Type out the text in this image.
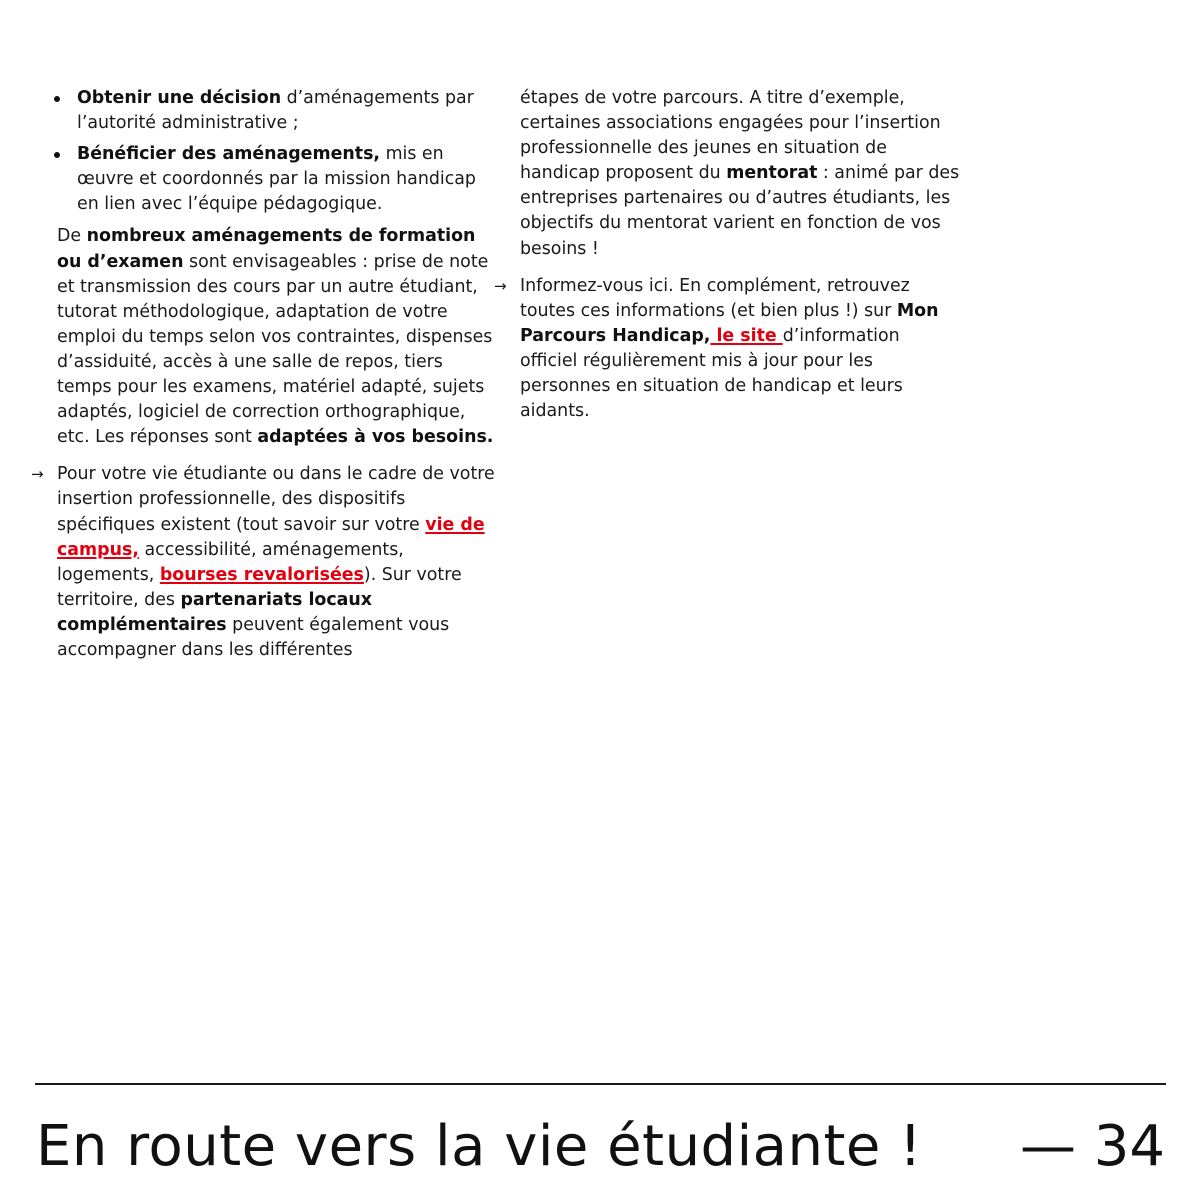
Obtenir une décision d’aménagements par l’autorité administrative ;
Bénéficier des aménagements, mis en œuvre et coordonnés par la mission handicap en lien avec l’équipe pédagogique.

De nombreux aménagements de formation ou d’examen sont envisageables : prise de note et transmission des cours par un autre étudiant, tutorat méthodologique, adaptation de votre emploi du temps selon vos contraintes, dispenses d’assiduité, accès à une salle de repos, tiers temps pour les examens, matériel adapté, sujets adaptés, logiciel de correction orthographique, etc. Les réponses sont adaptées à vos besoins.

→ Pour votre vie étudiante ou dans le cadre de votre insertion professionnelle, des dispositifs spécifiques existent (tout savoir sur votre vie de campus, accessibilité, aménagements, logements, bourses revalorisées). Sur votre territoire, des partenariats locaux complémentaires peuvent également vous accompagner dans les différentes

étapes de votre parcours. A titre d’exemple, certaines associations engagées pour l’insertion professionnelle des jeunes en situation de handicap proposent du mentorat : animé par des entreprises partenaires ou d’autres étudiants, les objectifs du mentorat varient en fonction de vos besoins !

→ Informez-vous ici. En complément, retrouvez toutes ces informations (et bien plus !) sur Mon Parcours Handicap, le site d’information officiel régulièrement mis à jour pour les personnes en situation de handicap et leurs aidants.

En route vers la vie étudiante ! — 34
